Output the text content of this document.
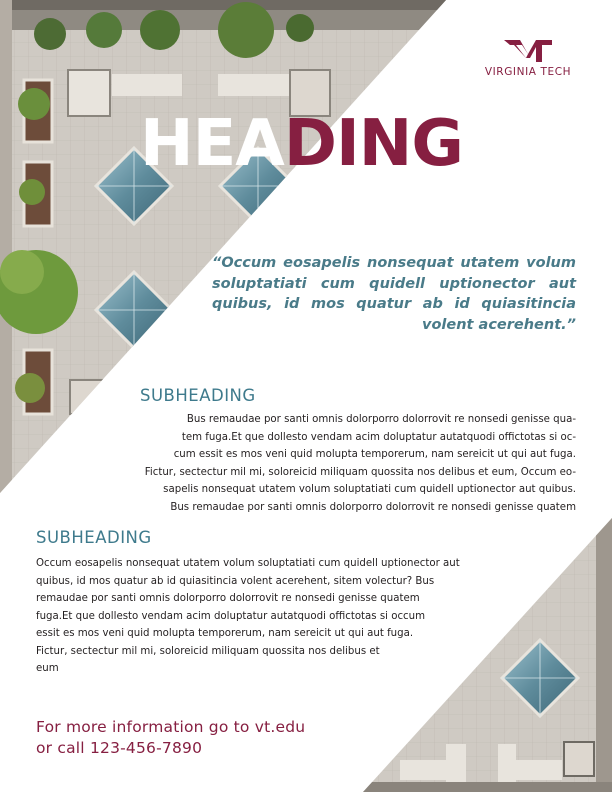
VIRGINIA TECH
HEADING
“Occum eosapelis nonsequat utatem volum soluptatiati cum quidell uptionector aut quibus, id mos quatur ab id quiasitincia volent acerehent.”
SUBHEADING

Bus remaudae por santi omnis dolorporro dolorrovit re nonsedi genisse qua-

tem fuga.Et que dollesto vendam acim doluptatur autatquodi offictotas si oc-

cum essit es mos veni quid molupta temporerum, nam sereicit ut qui aut fuga.

Fictur, sectectur mil mi, soloreicid miliquam quossita nos delibus et eum, Occum eo-

sapelis nonsequat utatem volum soluptatiati cum quidell uptionector aut quibus.

Bus remaudae por santi omnis dolorporro dolorrovit re nonsedi genisse quatem

SUBHEADING

Occum eosapelis nonsequat utatem volum soluptatiati cum quidell uptionector aut

quibus, id mos quatur ab id quiasitincia volent acerehent, sitem volectur? Bus

remaudae por santi omnis dolorporro dolorrovit re nonsedi genisse quatem

fuga.Et que dollesto vendam acim doluptatur autatquodi offictotas si occum

essit es mos veni quid molupta temporerum, nam sereicit ut qui aut fuga.

Fictur, sectectur mil mi, soloreicid miliquam quossita nos delibus et

eum

For more information go to vt.edu
or call 123-456-7890
